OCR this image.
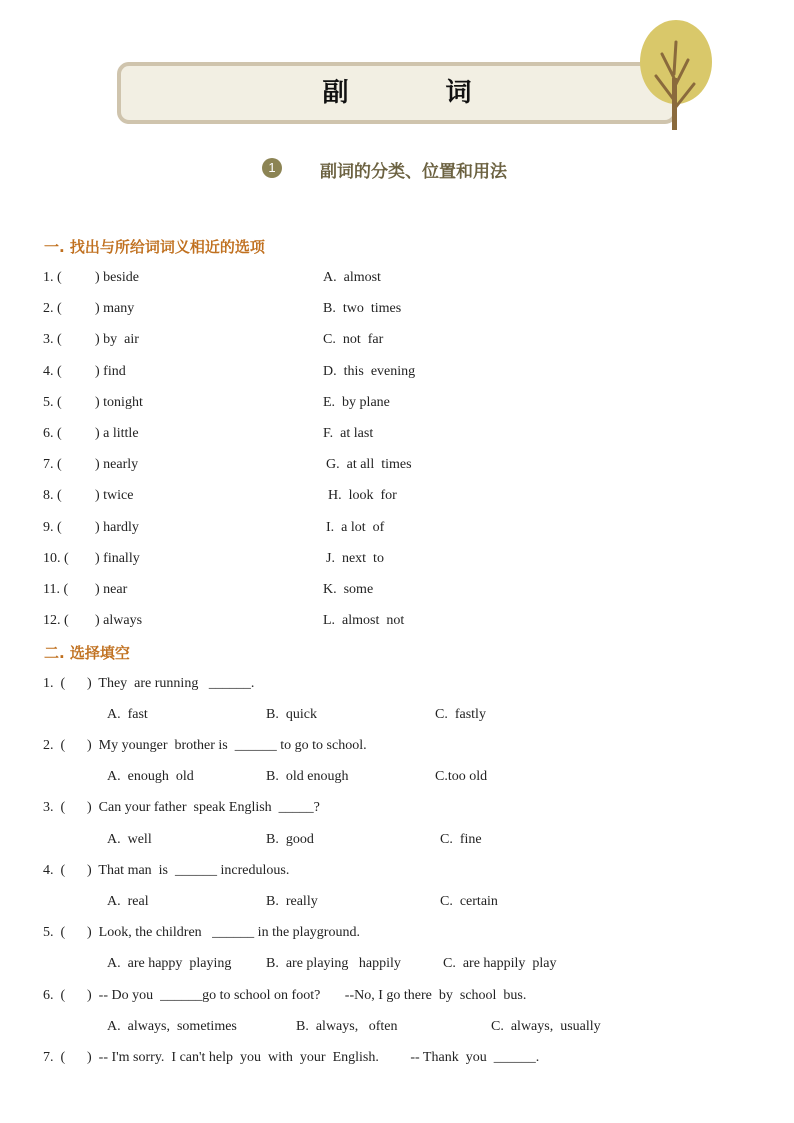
副 词
1	副词的分类、位置和用法
一. 找出与所给词词义相近的选项
1. ( ) beside	A.  almost
2. ( ) many	B.  two  times
3. ( ) by  air	C.  not  far
4. ( ) find	D.  this  evening
5. ( ) tonight	E.  by plane
6. ( ) a little	F.  at last
7. ( ) nearly	G.  at all  times
8. ( ) twice	H.  look  for
9. ( ) hardly	I.  a lot  of
10. ( ) finally	J.  next  to
11. ( ) near	K.  some
12. ( ) always	L.  almost  not
二. 选择填空
1.  ( )  They  are running   ______.
A.  fast	B.  quick	C.  fastly
2.  ( )  My younger  brother is  ______ to go to school.
A.  enough  old	B.  old enough	C.too old
3.  ( )  Can your father  speak English  _____?
A.  well	B.  good	C.  fine
4.  ( )  That man  is  ______ incredulous.
A.  real	B.  really	C.  certain
5.  ( )  Look, the children   ______ in the playground.
A.  are happy  playing B.  are playing   happily	C.  are happily  play
6.  ( )  -- Do you  ______go to school on foot?       --No, I go there  by  school  bus.
A.  always,  sometimes	B.  always,   often	C.  always,  usually
7.  ( )  -- I'm sorry.  I can't help  you  with  your  English.         -- Thank  you  ______.
